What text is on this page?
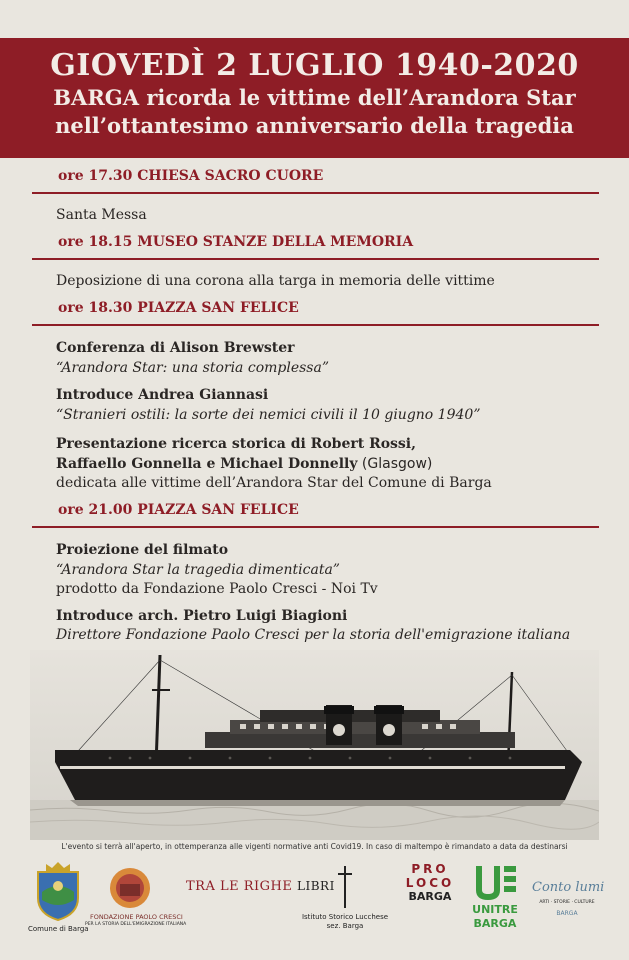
GIOVEDÌ 2 LUGLIO 1940-2020
BARGA ricorda le vittime dell’Arandora Star
nell’ottantesimo anniversario della tragedia
ore 17.30 CHIESA SACRO CUORE
Santa Messa
ore 18.15 MUSEO STANZE DELLA MEMORIA
Deposizione di una corona alla targa in memoria delle vittime
ore 18.30 PIAZZA SAN FELICE
Conferenza di Alison Brewster
“Arandora Star: una storia complessa”
Introduce Andrea Giannasi
“Stranieri ostili: la sorte dei nemici civili il 10 giugno 1940”
Presentazione ricerca storica di Robert Rossi,
Raffaello Gonnella e Michael Donnelly (Glasgow)
dedicata alle vittime dell’Arandora Star del Comune di Barga
ore 21.00 PIAZZA SAN FELICE
Proiezione del filmato
“Arandora Star la tragedia dimenticata”
prodotto da Fondazione Paolo Cresci - Noi Tv
Introduce arch. Pietro Luigi Biagioni
Direttore Fondazione Paolo Cresci per la storia dell'emigrazione italiana
L'evento si terrà all'aperto, in ottemperanza alle vigenti normative anti Covid19. In caso di maltempo è rimandato a data da destinarsi
Comune di Barga
FONDAZIONE PAOLO CRESCI
PER LA STORIA DELL'EMIGRAZIONE ITALIANA
TRA LE RIGHE LIBRI
Istituto Storico Lucchese
sez. Barga
PRO
LOCO
BARGA
UNITRE
BARGA
Conto lumi
ARTI · STORIE · CULTURE
BARGA
